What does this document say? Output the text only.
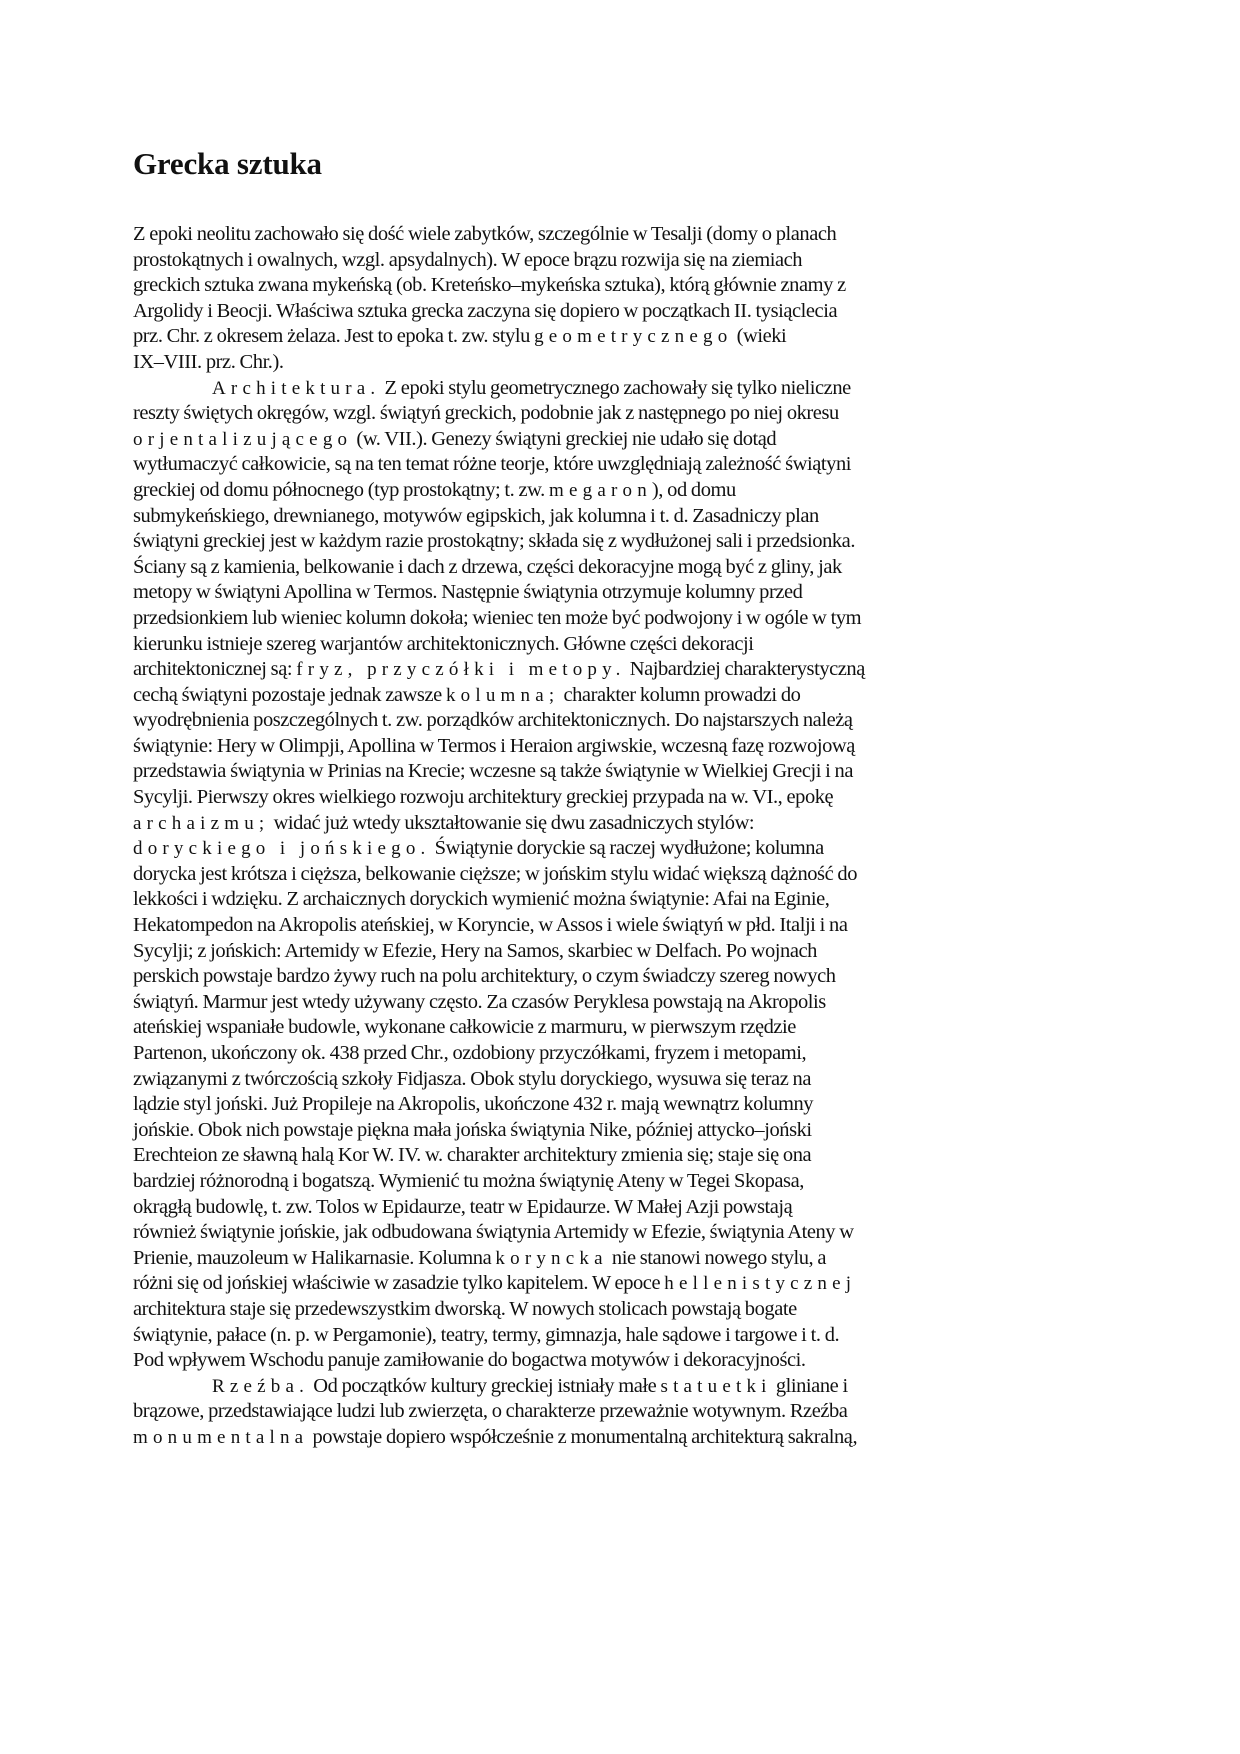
Grecka sztuka
Z epoki neolitu zachowało się dość wiele zabytków, szczególnie w Tesalji (domy o planach
prostokątnych i owalnych, wzgl. apsydalnych). W epoce brązu rozwija się na ziemiach
greckich sztuka zwana mykeńską (ob. Kreteńsko–mykeńska sztuka), którą głównie znamy z
Argolidy i Beocji. Właściwa sztuka grecka zaczyna się dopiero w początkach II. tysiąclecia
prz. Chr. z okresem żelaza. Jest to epoka t. zw. stylu geometrycznego (wieki
IX–VIII. prz. Chr.).
Architektura. Z epoki stylu geometrycznego zachowały się tylko nieliczne
reszty świętych okręgów, wzgl. świątyń greckich, podobnie jak z następnego po niej okresu
orjentalizującego (w. VII.). Genezy świątyni greckiej nie udało się dotąd
wytłumaczyć całkowicie, są na ten temat różne teorje, które uwzględniają zależność świątyni
greckiej od domu północnego (typ prostokątny; t. zw. megaron), od domu
submykeńskiego, drewnianego, motywów egipskich, jak kolumna i t. d. Zasadniczy plan
świątyni greckiej jest w każdym razie prostokątny; składa się z wydłużonej sali i przedsionka.
Ściany są z kamienia, belkowanie i dach z drzewa, części dekoracyjne mogą być z gliny, jak
metopy w świątyni Apollina w Termos. Następnie świątynia otrzymuje kolumny przed
przedsionkiem lub wieniec kolumn dokoła; wieniec ten może być podwojony i w ogóle w tym
kierunku istnieje szereg warjantów architektonicznych. Główne części dekoracji
architektonicznej są: fryz, przyczółki i metopy. Najbardziej charakterystyczną
cechą świątyni pozostaje jednak zawsze kolumna; charakter kolumn prowadzi do
wyodrębnienia poszczególnych t. zw. porządków architektonicznych. Do najstarszych należą
świątynie: Hery w Olimpji, Apollina w Termos i Heraion argiwskie, wczesną fazę rozwojową
przedstawia świątynia w Prinias na Krecie; wczesne są także świątynie w Wielkiej Grecji i na
Sycylji. Pierwszy okres wielkiego rozwoju architektury greckiej przypada na w. VI., epokę
archaizmu; widać już wtedy ukształtowanie się dwu zasadniczych stylów:
doryckiego i jońskiego. Świątynie doryckie są raczej wydłużone; kolumna
dorycka jest krótsza i cięższa, belkowanie cięższe; w jońskim stylu widać większą dążność do
lekkości i wdzięku. Z archaicznych doryckich wymienić można świątynie: Afai na Eginie,
Hekatompedon na Akropolis ateńskiej, w Koryncie, w Assos i wiele świątyń w płd. Italji i na
Sycylji; z jońskich: Artemidy w Efezie, Hery na Samos, skarbiec w Delfach. Po wojnach
perskich powstaje bardzo żywy ruch na polu architektury, o czym świadczy szereg nowych
świątyń. Marmur jest wtedy używany często. Za czasów Peryklesa powstają na Akropolis
ateńskiej wspaniałe budowle, wykonane całkowicie z marmuru, w pierwszym rzędzie
Partenon, ukończony ok. 438 przed Chr., ozdobiony przyczółkami, fryzem i metopami,
związanymi z twórczością szkoły Fidjasza. Obok stylu doryckiego, wysuwa się teraz na
lądzie styl joński. Już Propileje na Akropolis, ukończone 432 r. mają wewnątrz kolumny
jońskie. Obok nich powstaje piękna mała jońska świątynia Nike, później attycko–joński
Erechteion ze sławną halą Kor W. IV. w. charakter architektury zmienia się; staje się ona
bardziej różnorodną i bogatszą. Wymienić tu można świątynię Ateny w Tegei Skopasa,
okrągłą budowlę, t. zw. Tolos w Epidaurze, teatr w Epidaurze. W Małej Azji powstają
również świątynie jońskie, jak odbudowana świątynia Artemidy w Efezie, świątynia Ateny w
Prienie, mauzoleum w Halikarnasie. Kolumna koryncka nie stanowi nowego stylu, a
różni się od jońskiej właściwie w zasadzie tylko kapitelem. W epoce hellenistycznej
architektura staje się przedewszystkim dworską. W nowych stolicach powstają bogate
świątynie, pałace (n. p. w Pergamonie), teatry, termy, gimnazja, hale sądowe i targowe i t. d.
Pod wpływem Wschodu panuje zamiłowanie do bogactwa motywów i dekoracyjności.
Rzeźba. Od początków kultury greckiej istniały małe statuetki gliniane i
brązowe, przedstawiające ludzi lub zwierzęta, o charakterze przeważnie wotywnym. Rzeźba
monumentalna powstaje dopiero współcześnie z monumentalną architekturą sakralną,
